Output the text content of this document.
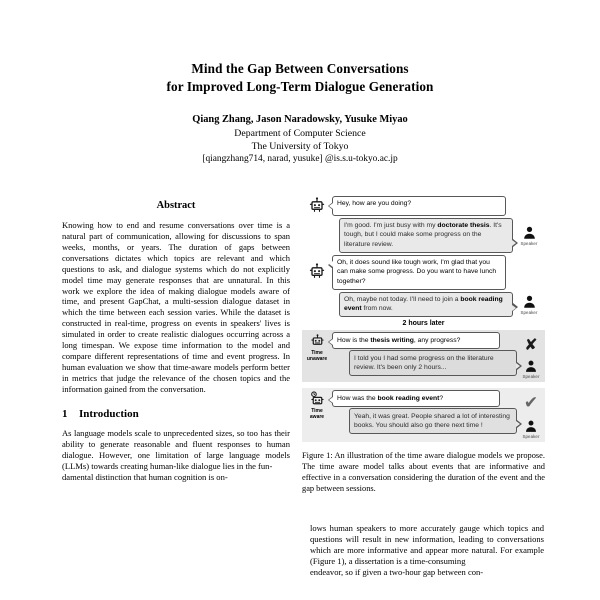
Mind the Gap Between Conversations
for Improved Long-Term Dialogue Generation
Qiang Zhang, Jason Naradowsky, Yusuke Miyao
Department of Computer Science
The University of Tokyo
[qiangzhang714, narad, yusuke] @is.s.u-tokyo.ac.jp
Abstract
Knowing how to end and resume conversations over time is a natural part of communication, allowing for discussions to span weeks, months, or years. The duration of gaps between conversations dictates which topics are relevant and which questions to ask, and dialogue systems which do not explicitly model time may generate responses that are unnatural. In this work we explore the idea of making dialogue models aware of time, and present GapChat, a multi-session dialogue dataset in which the time between each session varies. While the dataset is constructed in real-time, progress on events in speakers' lives is simulated in order to create realistic dialogues occurring across a long timespan. We expose time information to the model and compare different representations of time and event progress. In human evaluation we show that time-aware models perform better in metrics that judge the relevance of the chosen topics and the information gained from the conversation.
1 Introduction

As language models scale to unprecedented sizes, so too has their ability to generate reasonable and fluent responses to human dialogue. However, one limitation of large language models (LLMs) towards creating human-like dialogue lies in the fun-

damental distinction that human cognition is on-

Hey, how are you doing?
I'm good. I'm just busy with my doctorate thesis. It's tough, but I could make some progress on the literature review.	Speaker
Oh, it does sound like tough work, I'm glad that you can make some progress. Do you want to have lunch together?
Oh, maybe not today. I'll need to join a book reading event from now.	Speaker
2 hours later
Time
unaware
How is the thesis writing, any progress?
I told you I had some progress on the literature review. It's been only 2 hours...
✘
Speaker
Time
aware
How was the book reading event?
Yeah, it was great. People shared a lot of interesting books. You should also go there next time !
✔
Speaker
Figure 1: An illustration of the time aware dialogue models we propose. The time aware model talks about events that are informative and effective in a conversation considering the duration of the event and the gap between sessions.

lows human speakers to more accurately gauge which topics and questions will result in new information, leading to conversations which are more informative and appear more natural. For example (Figure 1), a dissertation is a time-consuming

endeavor, so if given a two-hour gap between con-
